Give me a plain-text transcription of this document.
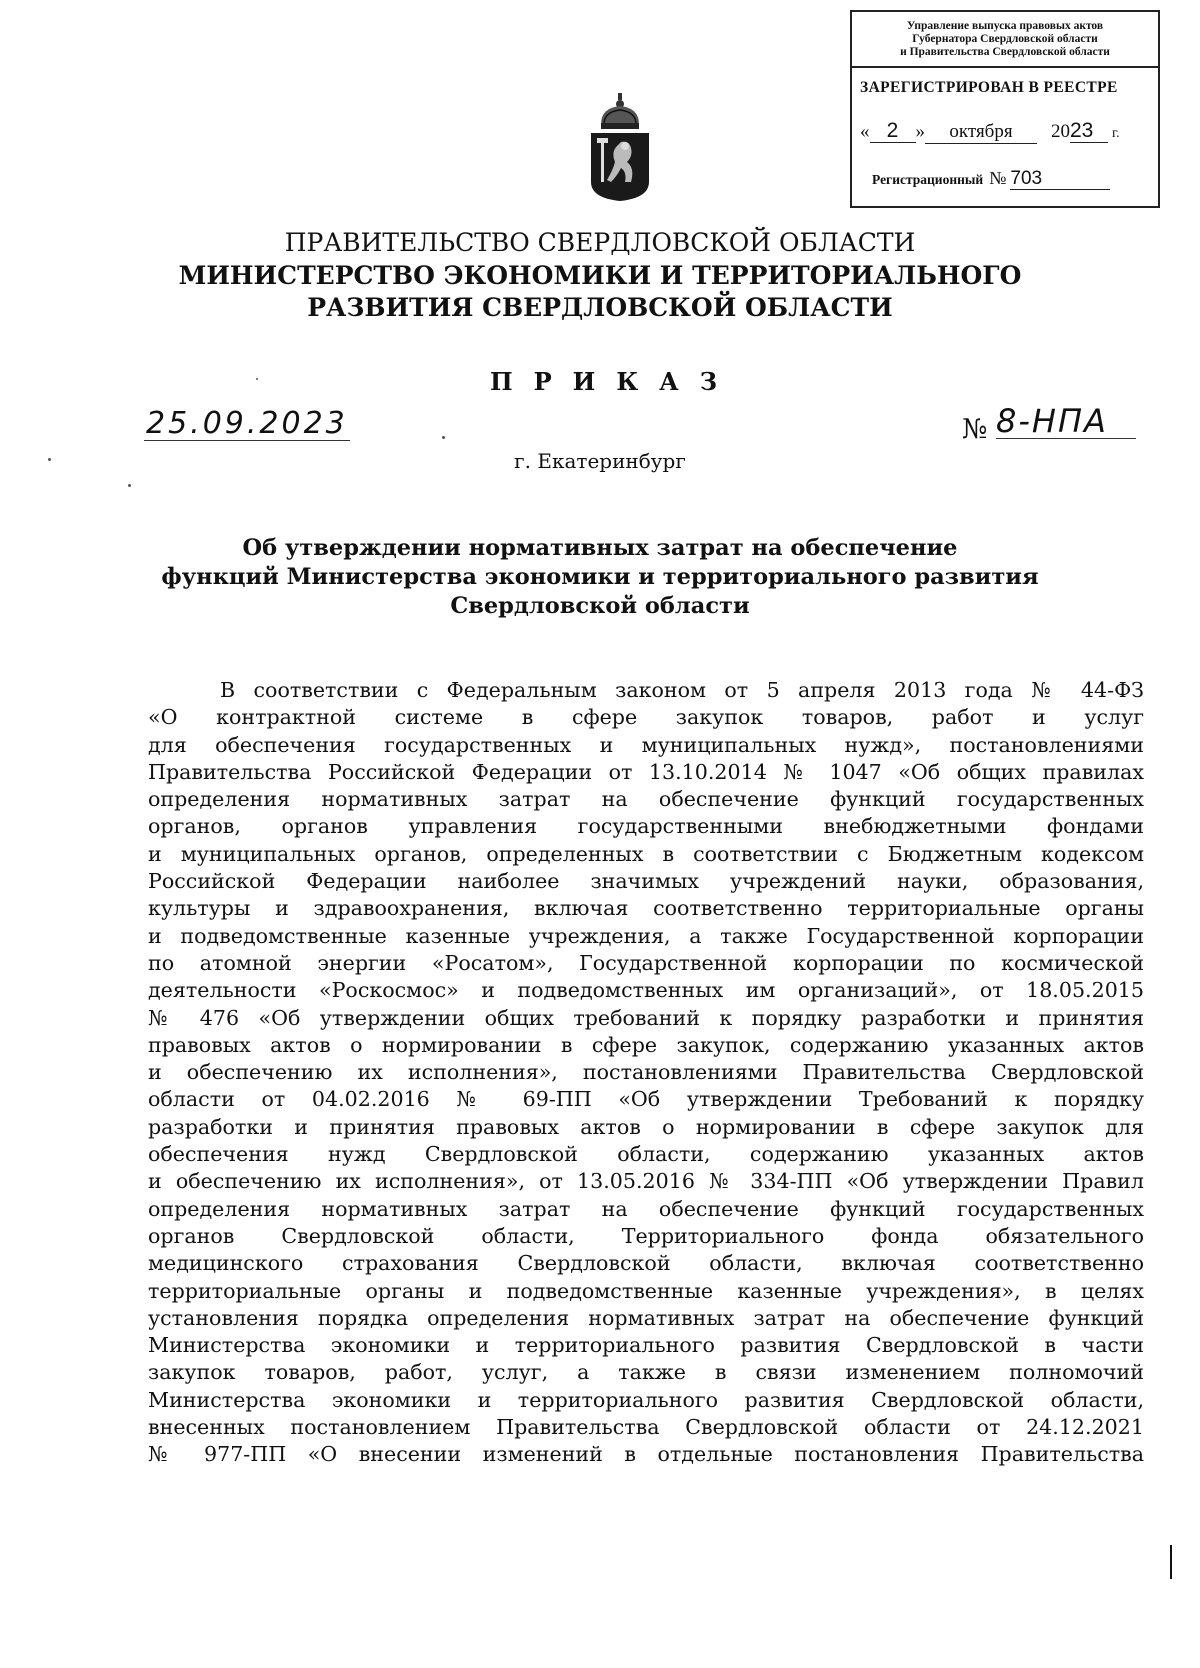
Управление выпуска правовых актов
Губернатора Свердловской области
и Правительства Свердловской области
ЗАРЕГИСТРИРОВАН В РЕЕСТРЕ
« 2 » октября 2023 г.
Регистрационный № 703
ПРАВИТЕЛЬСТВО СВЕРДЛОВСКОЙ ОБЛАСТИ
МИНИСТЕРСТВО ЭКОНОМИКИ И ТЕРРИТОРИАЛЬНОГО
РАЗВИТИЯ СВЕРДЛОВСКОЙ ОБЛАСТИ
ПРИКАЗ
25.09.2023	№ 8-НПА
г. Екатеринбург
Об утверждении нормативных затрат на обеспечение
функций Министерства экономики и территориального развития
Свердловской области
В соответствии с Федеральным законом от 5 апреля 2013 года № 44-ФЗ
«О контрактной системе в сфере закупок товаров, работ и услуг
для обеспечения государственных и муниципальных нужд», постановлениями
Правительства Российской Федерации от 13.10.2014 № 1047 «Об общих правилах
определения нормативных затрат на обеспечение функций государственных
органов, органов управления государственными внебюджетными фондами
и муниципальных органов, определенных в соответствии с Бюджетным кодексом
Российской Федерации наиболее значимых учреждений науки, образования,
культуры и здравоохранения, включая соответственно территориальные органы
и подведомственные казенные учреждения, а также Государственной корпорации
по атомной энергии «Росатом», Государственной корпорации по космической
деятельности «Роскосмос» и подведомственных им организаций», от 18.05.2015
№ 476 «Об утверждении общих требований к порядку разработки и принятия
правовых актов о нормировании в сфере закупок, содержанию указанных актов
и обеспечению их исполнения», постановлениями Правительства Свердловской
области от 04.02.2016 № 69-ПП «Об утверждении Требований к порядку
разработки и принятия правовых актов о нормировании в сфере закупок для
обеспечения нужд Свердловской области, содержанию указанных актов
и обеспечению их исполнения», от 13.05.2016 № 334-ПП «Об утверждении Правил
определения нормативных затрат на обеспечение функций государственных
органов Свердловской области, Территориального фонда обязательного
медицинского страхования Свердловской области, включая соответственно
территориальные органы и подведомственные казенные учреждения», в целях
установления порядка определения нормативных затрат на обеспечение функций
Министерства экономики и территориального развития Свердловской в части
закупок товаров, работ, услуг, а также в связи изменением полномочий
Министерства экономики и территориального развития Свердловской области,
внесенных постановлением Правительства Свердловской области от 24.12.2021
№ 977-ПП «О внесении изменений в отдельные постановления Правительства
